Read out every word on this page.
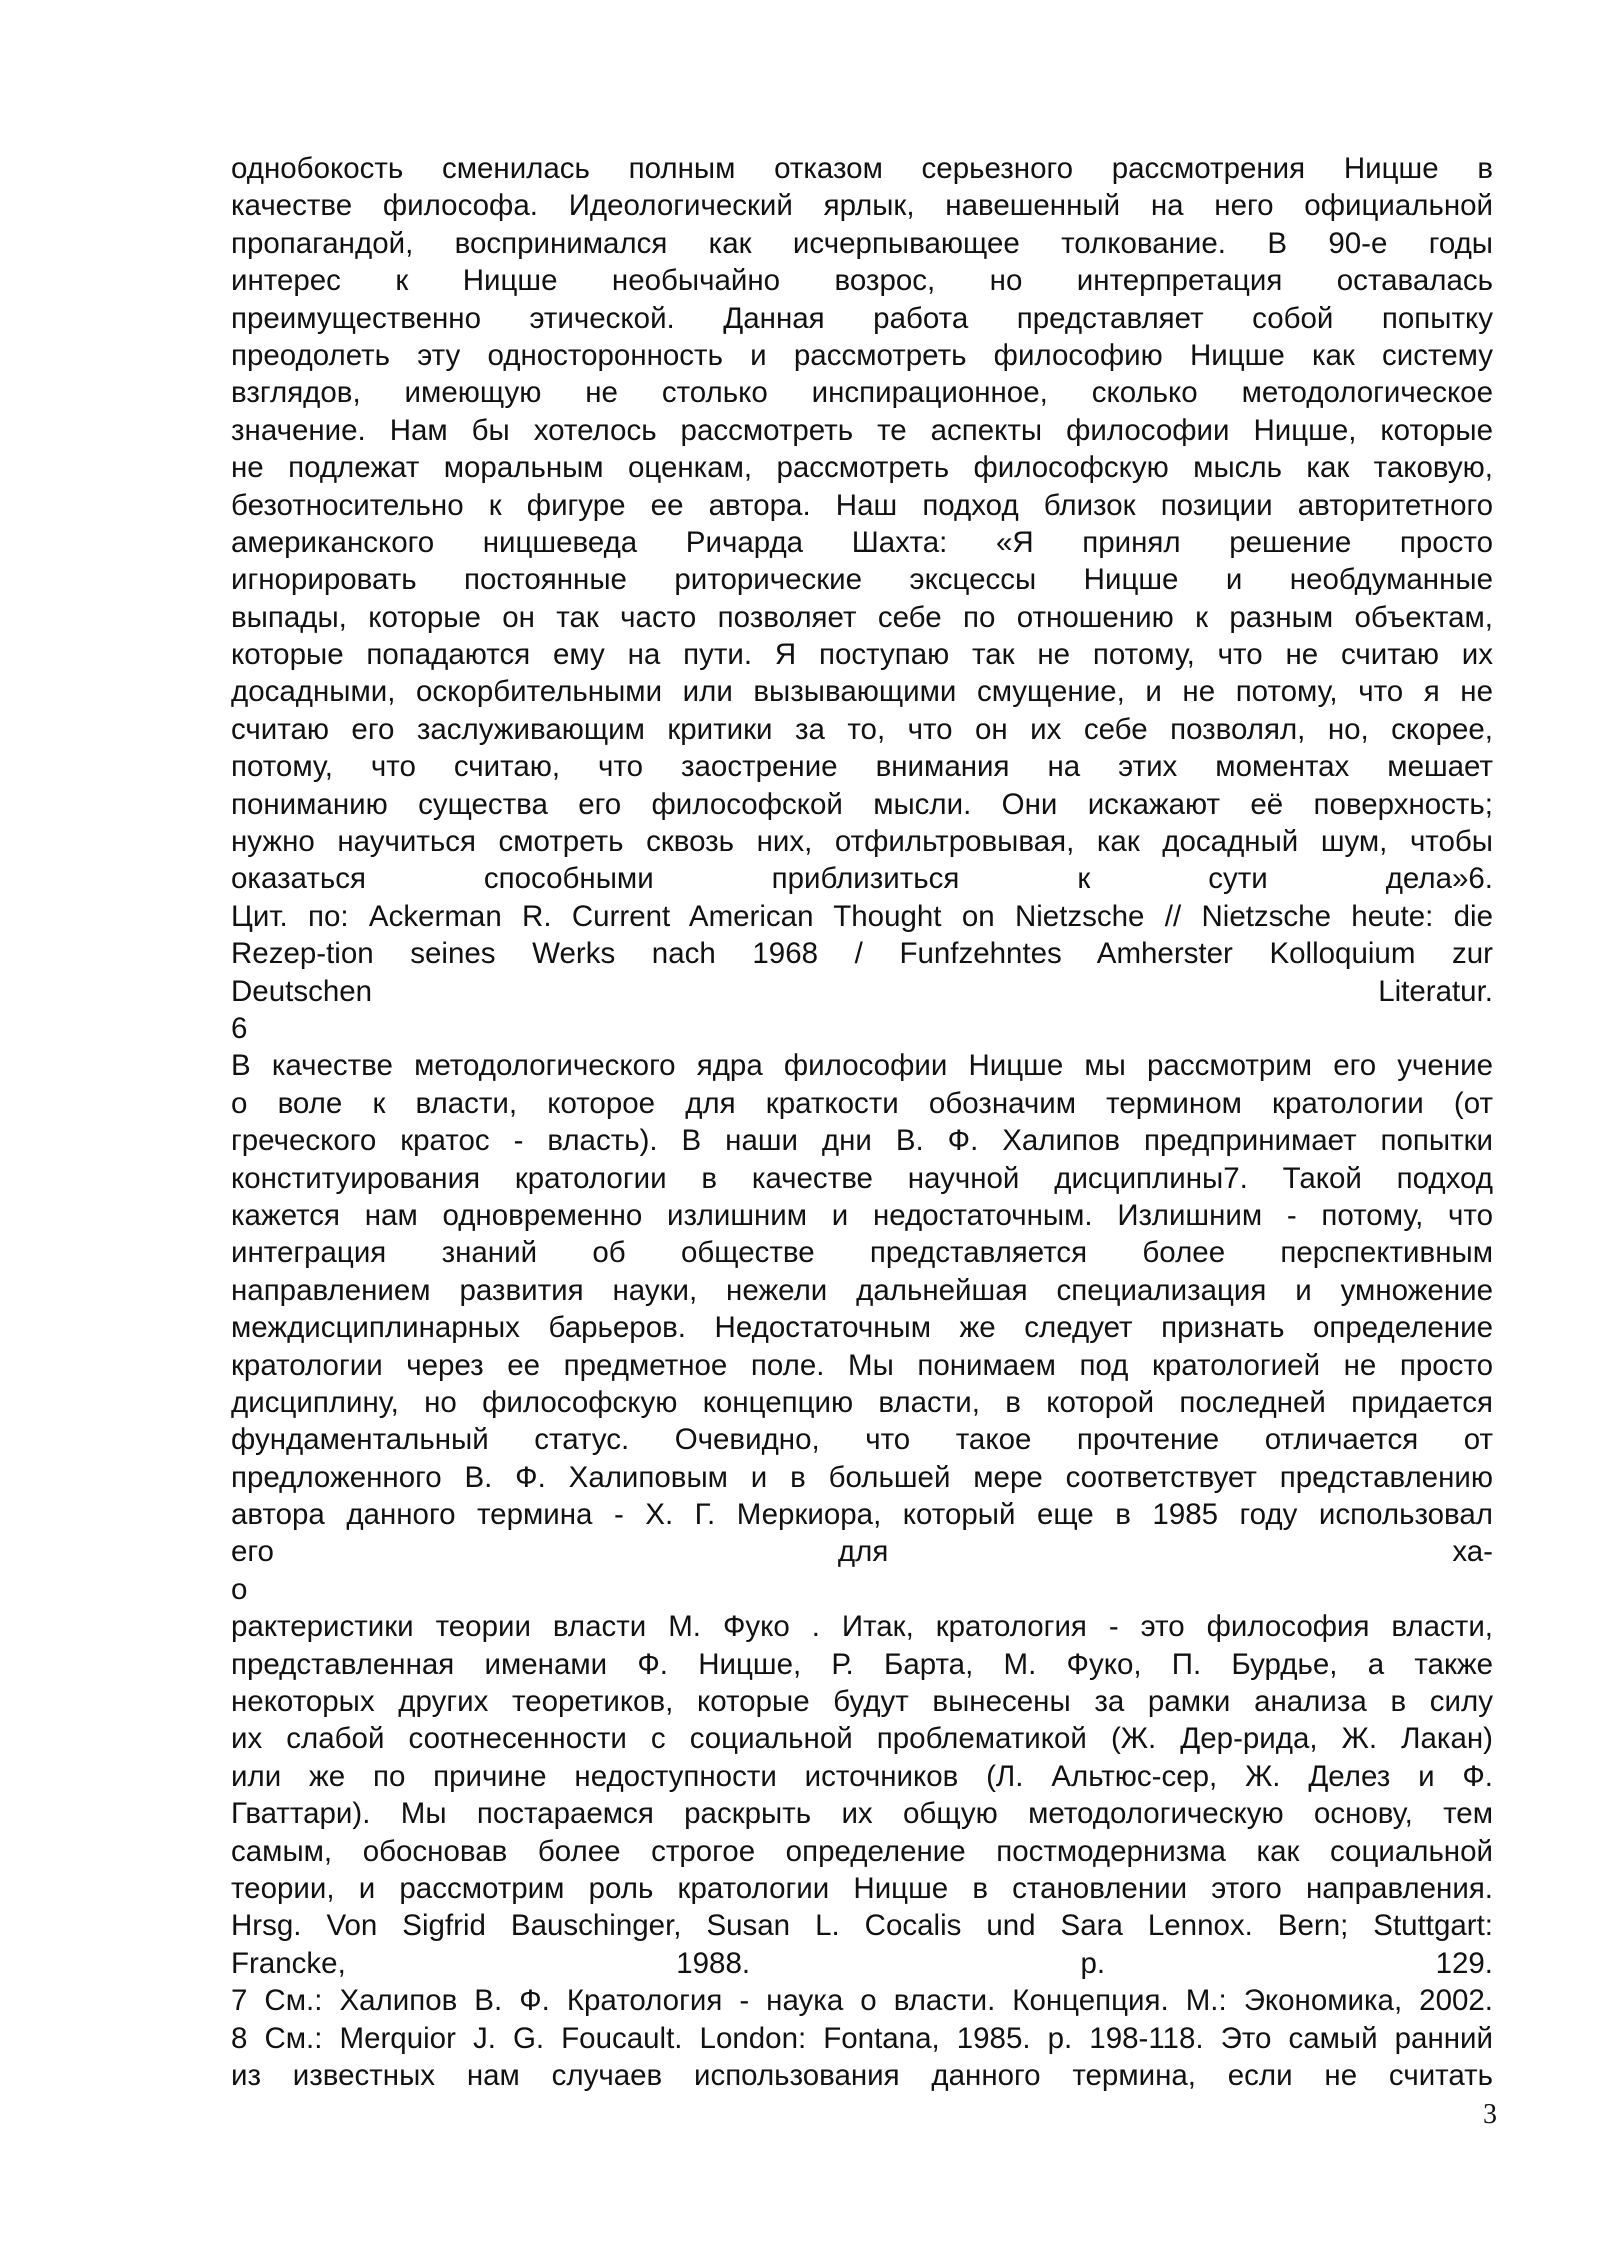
однобокость сменилась полным отказом серьезного рассмотрения Ницше в
качестве философа. Идеологический ярлык, навешенный на него официальной
пропагандой, воспринимался как исчерпывающее толкование. В 90-е годы
интерес к Ницше необычайно возрос, но интерпретация оставалась
преимущественно этической. Данная работа представляет собой попытку
преодолеть эту односторонность и рассмотреть философию Ницше как систему
взглядов, имеющую не столько инспирационное, сколько методологическое
значение. Нам бы хотелось рассмотреть те аспекты философии Ницше, которые
не подлежат моральным оценкам, рассмотреть философскую мысль как таковую,
безотносительно к фигуре ее автора. Наш подход близок позиции авторитетного
американского ницшеведа Ричарда Шахта: «Я принял решение просто
игнорировать постоянные риторические эксцессы Ницше и необдуманные
выпады, которые он так часто позволяет себе по отношению к разным объектам,
которые попадаются ему на пути. Я поступаю так не потому, что не считаю их
досадными, оскорбительными или вызывающими смущение, и не потому, что я не
считаю его заслуживающим критики за то, что он их себе позволял, но, скорее,
потому, что считаю, что заострение внимания на этих моментах мешает
пониманию существа его философской мысли. Они искажают её поверхность;
нужно научиться смотреть сквозь них, отфильтровывая, как досадный шум, чтобы
оказаться способными приблизиться к сути дела»6.
Цит. по: Ackerman R. Current American Thought on Nietzsche // Nietzsche heute: die
Rezep-tion seines Werks nach 1968 / Funfzehntes Amherster Kolloquium zur
Deutschen Literatur.
6
В качестве методологического ядра философии Ницше мы рассмотрим его учение
о воле к власти, которое для краткости обозначим термином кратологии (от
греческого кратос - власть). В наши дни В. Ф. Халипов предпринимает попытки
конституирования кратологии в качестве научной дисциплины7. Такой подход
кажется нам одновременно излишним и недостаточным. Излишним - потому, что
интеграция знаний об обществе представляется более перспективным
направлением развития науки, нежели дальнейшая специализация и умножение
междисциплинарных барьеров. Недостаточным же следует признать определение
кратологии через ее предметное поле. Мы понимаем под кратологией не просто
дисциплину, но философскую концепцию власти, в которой последней придается
фундаментальный статус. Очевидно, что такое прочтение отличается от
предложенного В. Ф. Халиповым и в большей мере соответствует представлению
автора данного термина - Х. Г. Меркиора, который еще в 1985 году использовал
его для ха-
о
рактеристики теории власти М. Фуко . Итак, кратология - это философия власти,
представленная именами Ф. Ницше, Р. Барта, М. Фуко, П. Бурдье, а также
некоторых других теоретиков, которые будут вынесены за рамки анализа в силу
их слабой соотнесенности с социальной проблематикой (Ж. Дер-рида, Ж. Лакан)
или же по причине недоступности источников (Л. Альтюс-сер, Ж. Делез и Ф.
Гваттари). Мы постараемся раскрыть их общую методологическую основу, тем
самым, обосновав более строгое определение постмодернизма как социальной
теории, и рассмотрим роль кратологии Ницше в становлении этого направления.
Hrsg. Von Sigfrid Bauschinger, Susan L. Cocalis und Sara Lennox. Bern; Stuttgart:
Francke, 1988. р. 129.
7 См.: Халипов В. Ф. Кратология - наука о власти. Концепция. М.: Экономика, 2002.
8 См.: Merquior J. G. Foucault. London: Fontana, 1985. p. 198-118. Это самый ранний
из известных нам случаев использования данного термина, если не считать
3
